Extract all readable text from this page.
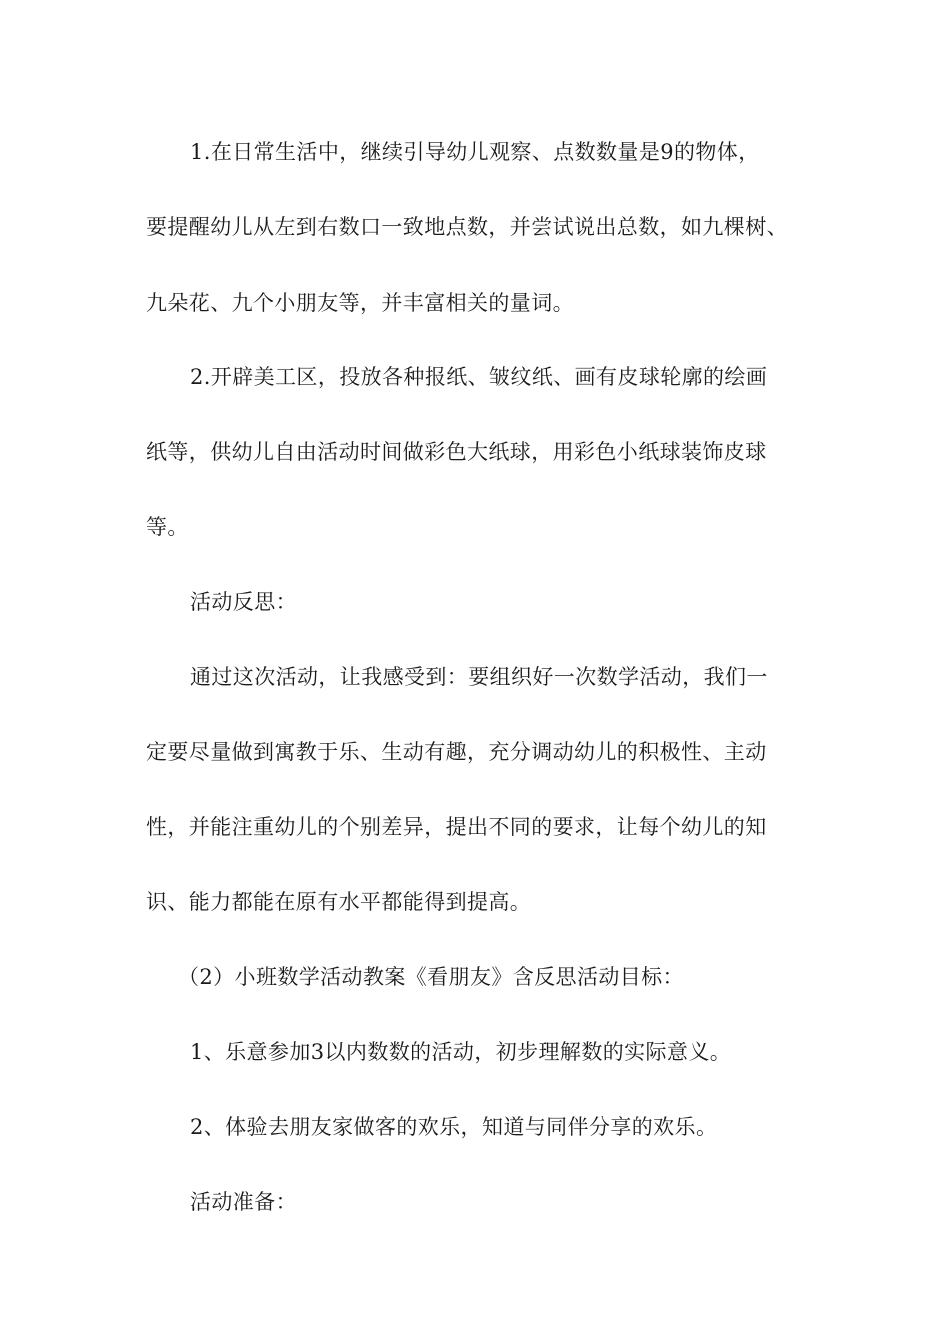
1.在日常生活中，继续引导幼儿观察、点数数量是9的物体，

要提醒幼儿从左到右数口一致地点数，并尝试说出总数，如九棵树、

九朵花、九个小朋友等，并丰富相关的量词。

2.开辟美工区，投放各种报纸、皱纹纸、画有皮球轮廓的绘画

纸等，供幼儿自由活动时间做彩色大纸球，用彩色小纸球装饰皮球

等。

活动反思：

通过这次活动，让我感受到：要组织好一次数学活动，我们一

定要尽量做到寓教于乐、生动有趣，充分调动幼儿的积极性、主动

性，并能注重幼儿的个别差异，提出不同的要求，让每个幼儿的知

识、能力都能在原有水平都能得到提高。

（2）小班数学活动教案《看朋友》含反思活动目标：

1、乐意参加3以内数数的活动，初步理解数的实际意义。

2、体验去朋友家做客的欢乐，知道与同伴分享的欢乐。

活动准备：
